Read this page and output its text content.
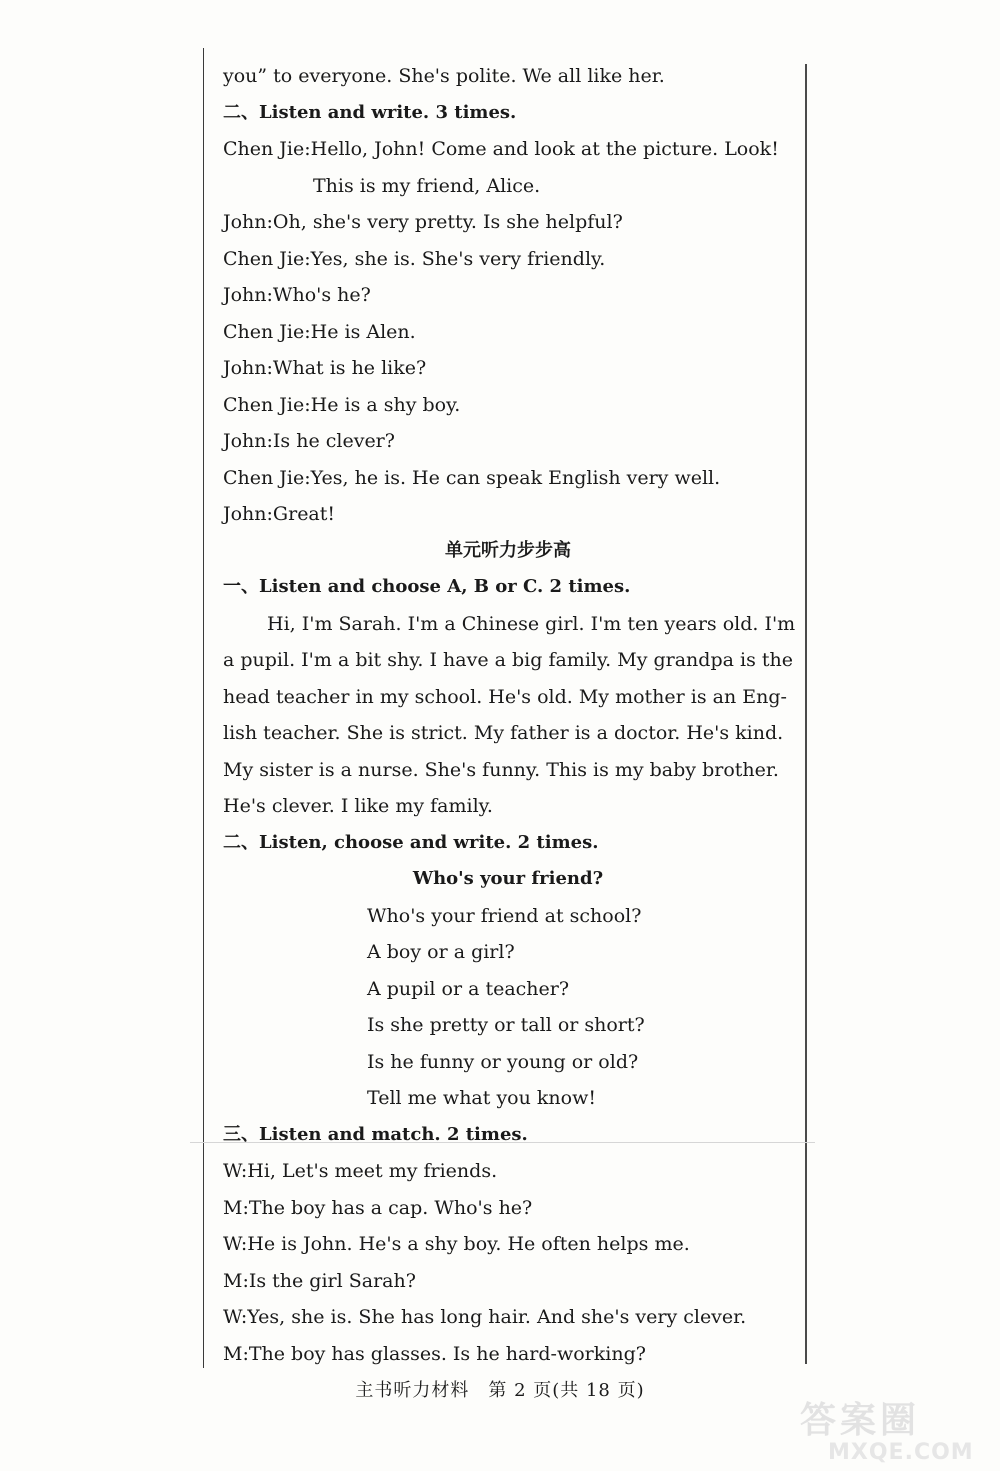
you” to everyone. She's polite. We all like her.
二、Listen and write. 3 times.
Chen Jie:Hello, John! Come and look at the picture. Look!
This is my friend, Alice.
John:Oh, she's very pretty. Is she helpful?
Chen Jie:Yes, she is. She's very friendly.
John:Who's he?
Chen Jie:He is Alen.
John:What is he like?
Chen Jie:He is a shy boy.
John:Is he clever?
Chen Jie:Yes, he is. He can speak English very well.
John:Great!
单元听力步步高
一、Listen and choose A, B or C. 2 times.
Hi, I'm Sarah. I'm a Chinese girl. I'm ten years old. I'm
a pupil. I'm a bit shy. I have a big family. My grandpa is the
head teacher in my school. He's old. My mother is an Eng-
lish teacher. She is strict. My father is a doctor. He's kind.
My sister is a nurse. She's funny. This is my baby brother.
He's clever. I like my family.
二、Listen, choose and write. 2 times.
Who's your friend?
Who's your friend at school?
A boy or a girl?
A pupil or a teacher?
Is she pretty or tall or short?
Is he funny or young or old?
Tell me what you know!
三、Listen and match. 2 times.
W:Hi, Let's meet my friends.
M:The boy has a cap. Who's he?
W:He is John. He's a shy boy. He often helps me.
M:Is the girl Sarah?
W:Yes, she is. She has long hair. And she's very clever.
M:The boy has glasses. Is he hard-working?
主书听力材料　第 2 页(共 18 页)
答案圈
MXQE.COM
